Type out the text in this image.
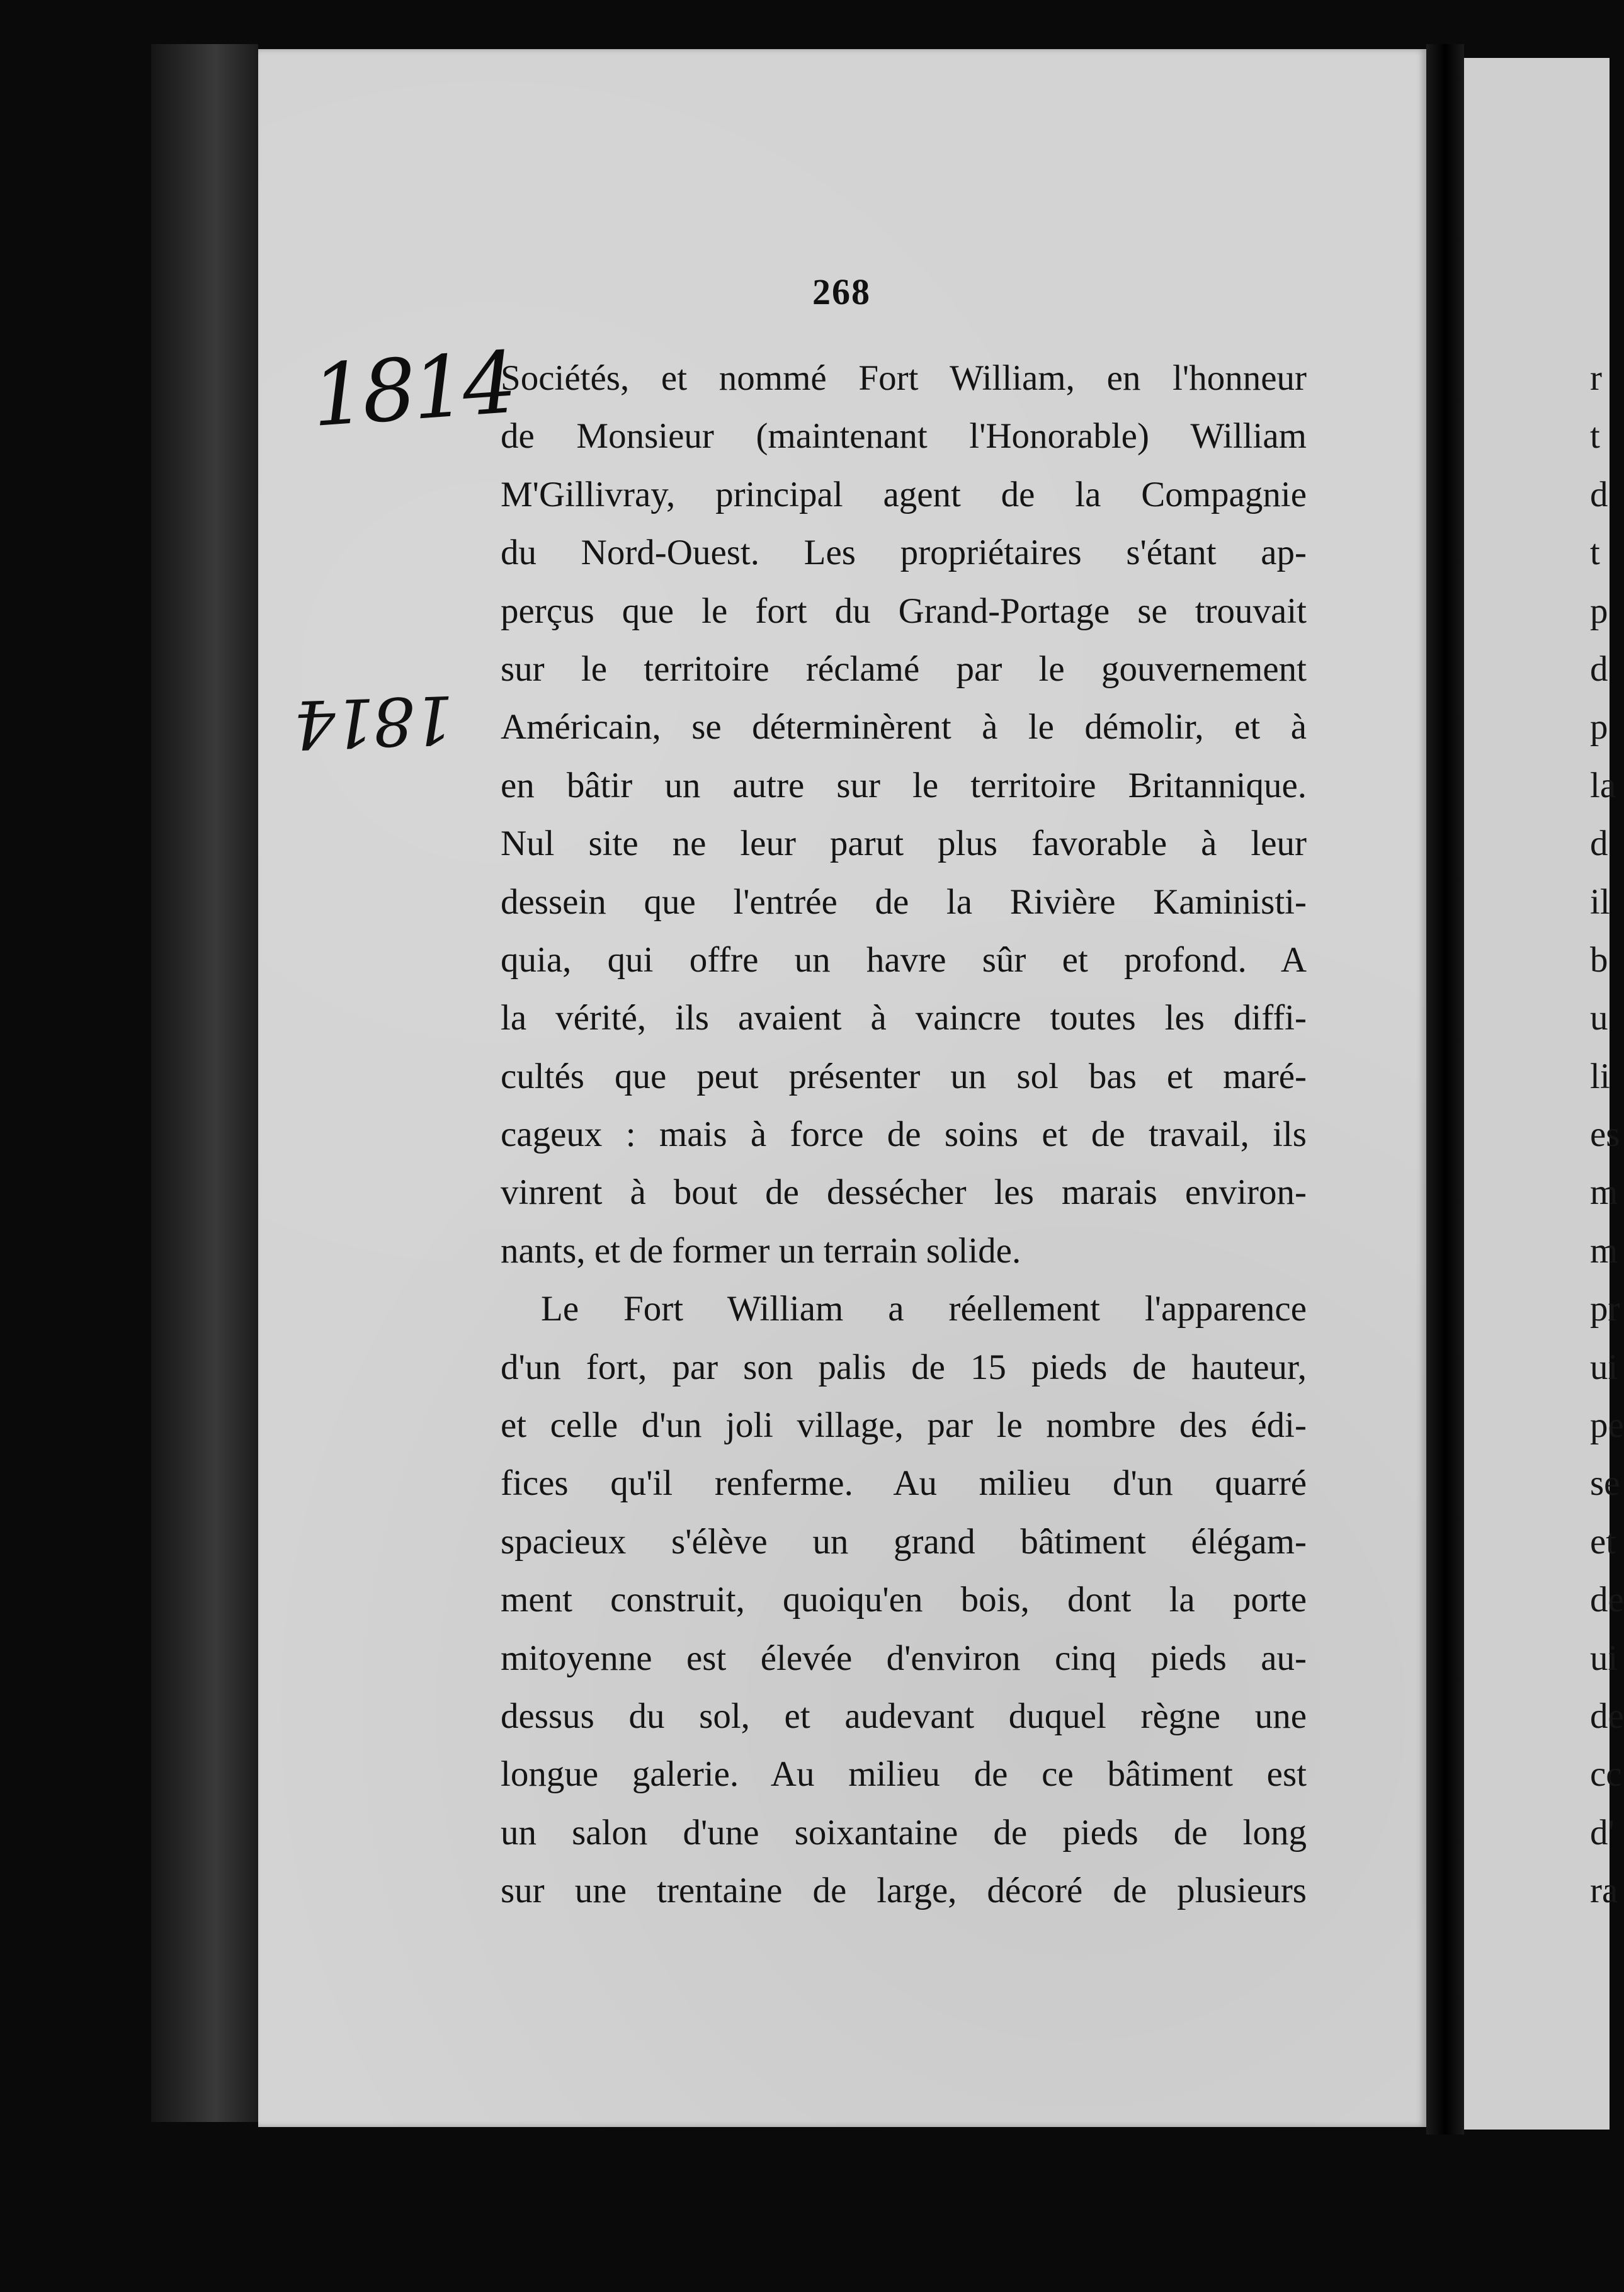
268
1814
1814
Sociétés, et nommé Fort William, en l'honneur
de Monsieur (maintenant l'Honorable) William
M'Gillivray, principal agent de la Compagnie
du Nord-Ouest. Les propriétaires s'étant ap-
perçus que le fort du Grand-Portage se trouvait
sur le territoire réclamé par le gouvernement
Américain, se déterminèrent à le démolir, et à
en bâtir un autre sur le territoire Britannique.
Nul site ne leur parut plus favorable à leur
dessein que l'entrée de la Rivière Kaministi-
quia, qui offre un havre sûr et profond. A
la vérité, ils avaient à vaincre toutes les diffi-
cultés que peut présenter un sol bas et maré-
cageux : mais à force de soins et de travail, ils
vinrent à bout de dessécher les marais environ-
nants, et de former un terrain solide.
Le Fort William a réellement l'apparence
d'un fort, par son palis de 15 pieds de hauteur,
et celle d'un joli village, par le nombre des édi-
fices qu'il renferme. Au milieu d'un quarré
spacieux s'élève un grand bâtiment élégam-
ment construit, quoiqu'en bois, dont la porte
mitoyenne est élevée d'environ cinq pieds au-
dessus du sol, et audevant duquel règne une
longue galerie. Au milieu de ce bâtiment est
un salon d'une soixantaine de pieds de long
sur une trentaine de large, décoré de plusieurs
r
t
d
t
p
d
p
la
d
il
b
u
li
es
m
m
pr
ui
pe
se
et
de
ui
de
cc
d'
ra
